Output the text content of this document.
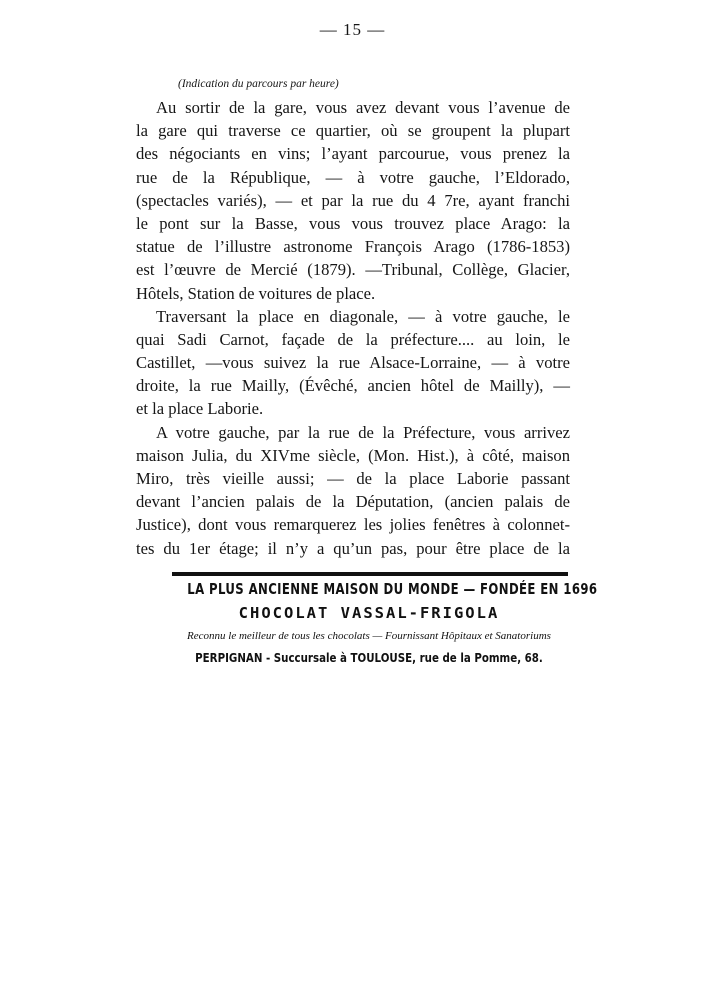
— 15 —
(Indication du parcours par heure)
Au sortir de la gare, vous avez devant vous l’avenue de
la gare qui traverse ce quartier, où se groupent la plupart
des négociants en vins; l’ayant parcourue, vous prenez la
rue de la République, — à votre gauche, l’Eldorado,
(spectacles variés), — et par la rue du 4 7re, ayant franchi
le pont sur la Basse, vous vous trouvez place Arago: la
statue de l’illustre astronome François Arago (1786-1853)
est l’œuvre de Mercié (1879). —Tribunal, Collège, Glacier,
Hôtels, Station de voitures de place.
Traversant la place en diagonale, — à votre gauche, le
quai Sadi Carnot, façade de la préfecture.... au loin, le
Castillet, —vous suivez la rue Alsace-Lorraine, — à votre
droite, la rue Mailly, (Évêché, ancien hôtel de Mailly), —
et la place Laborie.
A votre gauche, par la rue de la Préfecture, vous arrivez
maison Julia, du XIVme siècle, (Mon. Hist.), à côté, maison
Miro, très vieille aussi; — de la place Laborie passant
devant l’ancien palais de la Députation, (ancien palais de
Justice), dont vous remarquerez les jolies fenêtres à colonnet-
tes du 1er étage; il n’y a qu’un pas, pour être place de la
LA PLUS ANCIENNE MAISON DU MONDE — FONDÉE EN 1696
CHOCOLAT VASSAL-FRIGOLA
Reconnu le meilleur de tous les chocolats — Fournissant Hôpitaux et Sanatoriums
PERPIGNAN - Succursale à TOULOUSE, rue de la Pomme, 68.
